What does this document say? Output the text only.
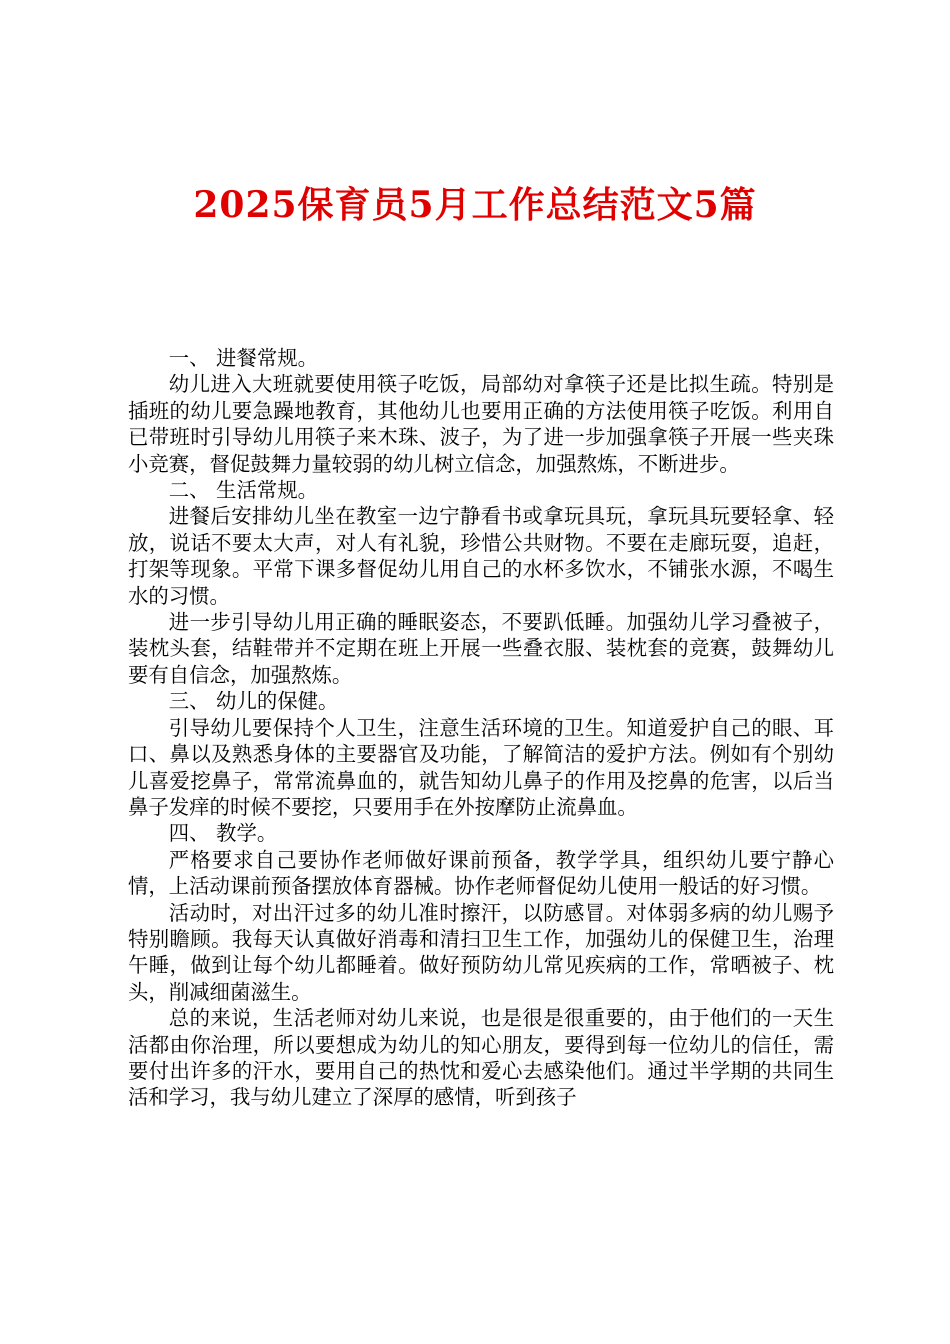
2025保育员5月工作总结范文5篇

一、 进餐常规。

幼儿进入大班就要使用筷子吃饭，局部幼对拿筷子还是比拟生疏。特别是插班的幼儿要急躁地教育，其他幼儿也要用正确的方法使用筷子吃饭。利用自已带班时引导幼儿用筷子来木珠、波子，为了进一步加强拿筷子开展一些夹珠小竞赛，督促鼓舞力量较弱的幼儿树立信念，加强熬炼，不断进步。

二、 生活常规。

进餐后安排幼儿坐在教室一边宁静看书或拿玩具玩，拿玩具玩要轻拿、轻放，说话不要太大声，对人有礼貌，珍惜公共财物。不要在走廊玩耍，追赶，打架等现象。平常下课多督促幼儿用自己的水杯多饮水，不铺张水源，不喝生水的习惯。

进一步引导幼儿用正确的睡眠姿态，不要趴低睡。加强幼儿学习叠被子，装枕头套，结鞋带并不定期在班上开展一些叠衣服、装枕套的竞赛，鼓舞幼儿要有自信念，加强熬炼。

三、 幼儿的保健。

引导幼儿要保持个人卫生，注意生活环境的卫生。知道爱护自己的眼、耳口、鼻以及熟悉身体的主要器官及功能，了解简洁的爱护方法。例如有个别幼儿喜爱挖鼻子，常常流鼻血的，就告知幼儿鼻子的作用及挖鼻的危害，以后当鼻子发痒的时候不要挖，只要用手在外按摩防止流鼻血。

四、 教学。

严格要求自己要协作老师做好课前预备，教学学具，组织幼儿要宁静心情，上活动课前预备摆放体育器械。协作老师督促幼儿使用一般话的好习惯。

活动时，对出汗过多的幼儿准时擦汗，以防感冒。对体弱多病的幼儿赐予特别瞻顾。我每天认真做好消毒和清扫卫生工作，加强幼儿的保健卫生，治理午睡，做到让每个幼儿都睡着。做好预防幼儿常见疾病的工作，常晒被子、枕头，削减细菌滋生。

总的来说，生活老师对幼儿来说，也是很是很重要的，由于他们的一天生活都由你治理，所以要想成为幼儿的知心朋友，要得到每一位幼儿的信任，需要付出许多的汗水，要用自己的热忱和爱心去感染他们。通过半学期的共同生活和学习，我与幼儿建立了深厚的感情，听到孩子
